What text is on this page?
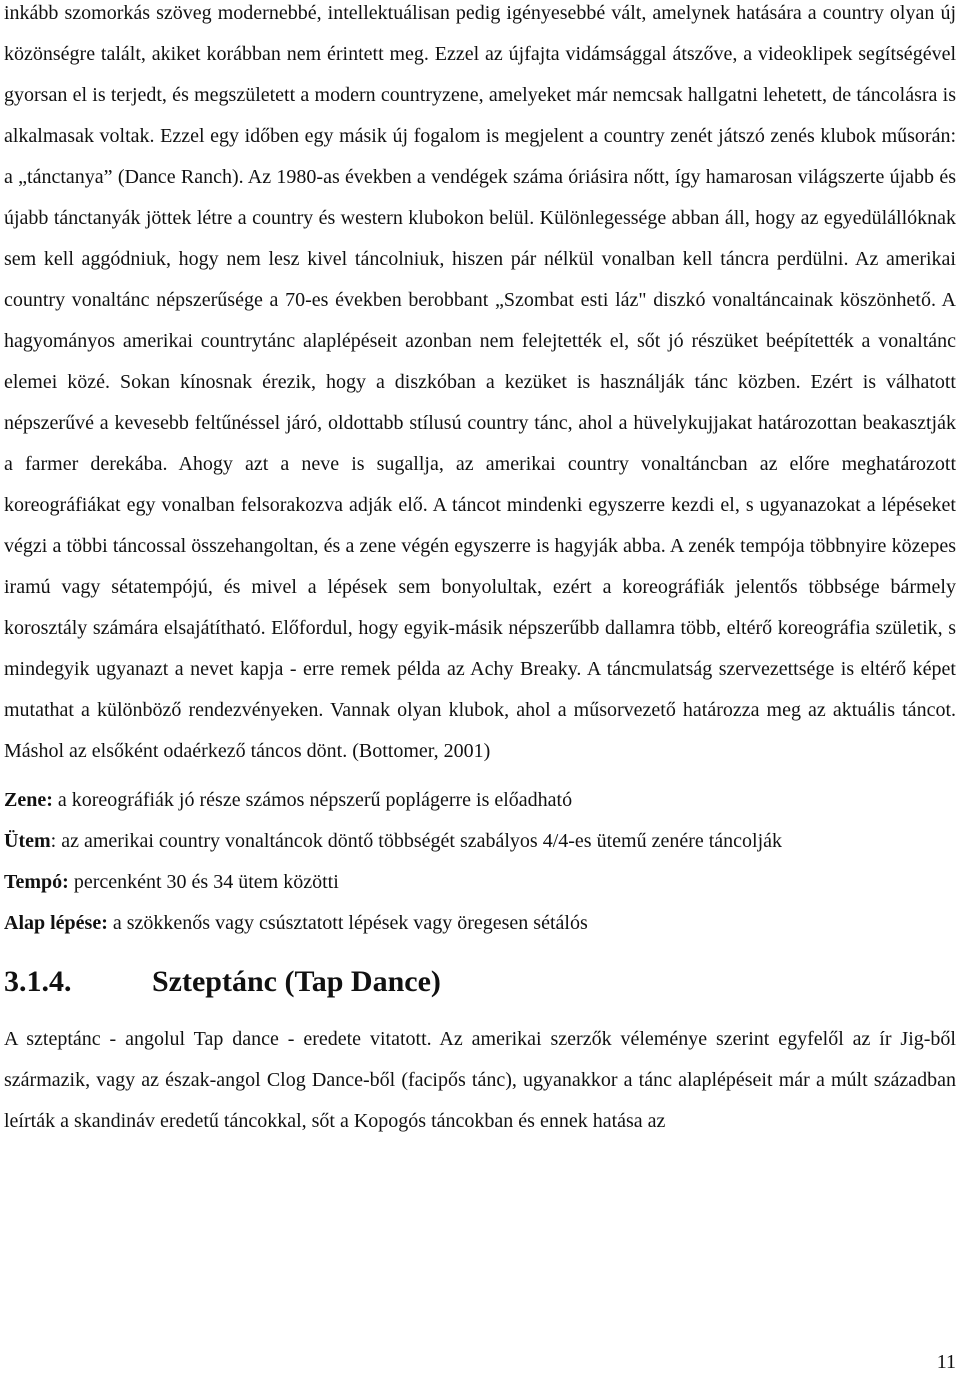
inkább szomorkás szöveg modernebbé, intellektuálisan pedig igényesebbé vált, amelynek hatására a country olyan új közönségre talált, akiket korábban nem érintett meg. Ezzel az újfajta vidámsággal átszőve, a videoklipek segítségével gyorsan el is terjedt, és megszületett a modern countryzene, amelyeket már nemcsak hallgatni lehetett, de táncolásra is alkalmasak voltak. Ezzel egy időben egy másik új fogalom is megjelent a country zenét játszó zenés klubok műsorán: a „tánctanya” (Dance Ranch). Az 1980-as években a vendégek száma óriásira nőtt, így hamarosan világszerte újabb és újabb tánctanyák jöttek létre a country és western klubokon belül. Különlegessége abban áll, hogy az egyedülállóknak sem kell aggódniuk, hogy nem lesz kivel táncolniuk, hiszen pár nélkül vonalban kell táncra perdülni. Az amerikai country vonaltánc népszerűsége a 70-es években berobbant „Szombat esti láz" diszkó vonaltáncainak köszönhető. A hagyományos amerikai countrytánc alaplépéseit azonban nem felejtették el, sőt jó részüket beépítették a vonaltánc elemei közé. Sokan kínosnak érezik, hogy a diszkóban a kezüket is használják tánc közben. Ezért is válhatott népszerűvé a kevesebb feltűnéssel járó, oldottabb stílusú country tánc, ahol a hüvelykujjakat határozottan beakasztják a farmer derekába. Ahogy azt a neve is sugallja, az amerikai country vonaltáncban az előre meghatározott koreográfiákat egy vonalban felsorakozva adják elő. A táncot mindenki egyszerre kezdi el, s ugyanazokat a lépéseket végzi a többi táncossal összehangoltan, és a zene végén egyszerre is hagyják abba. A zenék tempója többnyire közepes iramú vagy sétatempójú, és mivel a lépések sem bonyolultak, ezért a koreográfiák jelentős többsége bármely korosztály számára elsajátítható. Előfordul, hogy egyik-másik népszerűbb dallamra több, eltérő koreográfia születik, s mindegyik ugyanazt a nevet kapja - erre remek példa az Achy Breaky. A táncmulatság szervezettsége is eltérő képet mutathat a különböző rendezvényeken. Vannak olyan klubok, ahol a műsorvezető határozza meg az aktuális táncot. Máshol az elsőként odaérkező táncos dönt. (Bottomer, 2001)

Zene: a koreográfiák jó része számos népszerű poplágerre is előadható

Ütem: az amerikai country vonaltáncok döntő többségét szabályos 4/4-es ütemű zenére táncolják

Tempó: percenként 30 és 34 ütem közötti

Alap lépése: a szökkenős vagy csúsztatott lépések vagy öregesen sétálós

3.1.4.	Szteptánc (Tap Dance)

A szteptánc - angolul Tap dance - eredete vitatott. Az amerikai szerzők véleménye szerint egyfelől az ír Jig-ből származik, vagy az észak-angol Clog Dance-ből (facipős tánc), ugyanakkor a tánc alaplépéseit már a múlt században leírták a skandináv eredetű táncokkal, sőt a Kopogós táncokban és ennek hatása az

11
